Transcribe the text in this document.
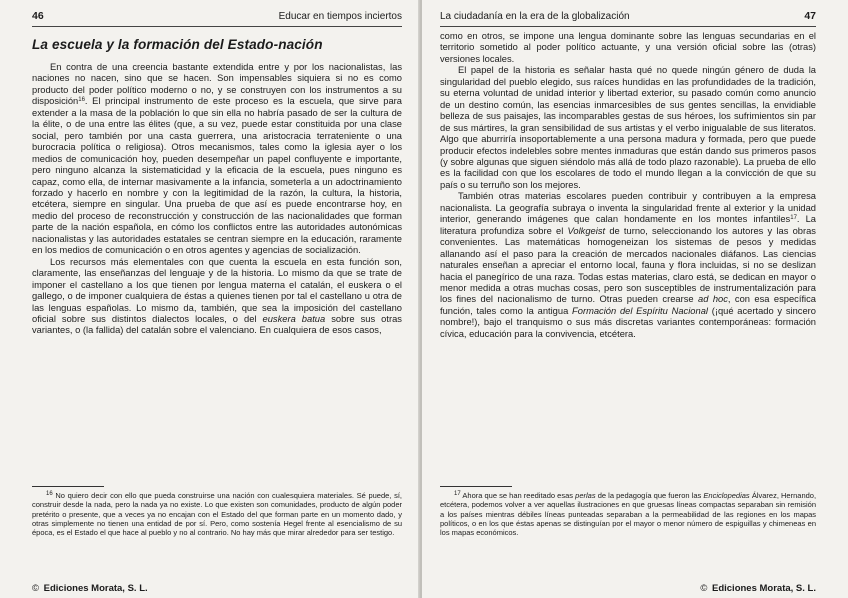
46	Educar en tiempos inciertos
La escuela y la formación del Estado-nación

En contra de una creencia bastante extendida entre y por los nacionalistas, las naciones no nacen, sino que se hacen. Son impensables siquiera si no es como producto del poder político moderno o no, y se construyen con los instrumentos a su disposición$^{16}$. El principal instrumento de este proceso es la escuela, que sirve para extender a la masa de la población lo que sin ella no habría pasado de ser la cultura de la élite, o de una entre las élites (que, a su vez, puede estar constituida por una clase social, pero también por una casta guerrera, una aristocracia terrateniente o una burocracia política o religiosa). Otros mecanismos, tales como la iglesia ayer o los medios de comunicación hoy, pueden desempeñar un papel confluyente e importante, pero ninguno alcanza la sistematicidad y la eficacia de la escuela, pues ninguno es capaz, como ella, de internar masivamente a la infancia, someterla a un adoctrinamiento forzado y hacerlo en nombre y con la legitimidad de la razón, la cultura, la historia, etcétera, siempre en singular. Una prueba de que así es puede encontrarse hoy, en medio del proceso de reconstrucción y construcción de las nacionalidades que forman parte de la nación española, en cómo los conflictos entre las autoridades autonómicas nacionalistas y las autoridades estatales se centran siempre en la educación, raramente en los medios de comunicación o en otros agentes y agencias de socialización.

Los recursos más elementales con que cuenta la escuela en esta función son, claramente, las enseñanzas del lenguaje y de la historia. Lo mismo da que se trate de imponer el castellano a los que tienen por lengua materna el catalán, el euskera o el gallego, o de imponer cualquiera de éstas a quienes tienen por tal el castellano u otra de las lenguas españolas. Lo mismo da, también, que sea la imposición del castellano oficial sobre sus distintos dialectos locales, o del euskera batua sobre sus otras variantes, o (la fallida) del catalán sobre el valenciano. En cualquiera de esos casos,

$^{16}$ No quiero decir con ello que pueda construirse una nación con cualesquiera materiales. Sé puede, sí, construir desde la nada, pero la nada ya no existe. Lo que existen son comunidades, producto de algún poder pretérito o presente, que a veces ya no encajan con el Estado del que forman parte en un momento dado, y otras simplemente no tienen una entidad de por sí. Pero, como sostenía Hegel frente al esencialismo de su época, es el Estado el que hace al pueblo y no al contrario. No hay más que mirar alrededor para ser testigo.

© Ediciones Morata, S. L.
La ciudadanía en la era de la globalización	47

como en otros, se impone una lengua dominante sobre las lenguas secundarias en el territorio sometido al poder político actuante, y una versión oficial sobre las (otras) versiones locales.

El papel de la historia es señalar hasta qué no quede ningún género de duda la singularidad del pueblo elegido, sus raíces hundidas en las profundidades de la tradición, su eterna voluntad de unidad interior y libertad exterior, su pasado común como anuncio de un destino común, las esencias inmarcesibles de sus gentes sencillas, la envidiable belleza de sus paisajes, las incomparables gestas de sus héroes, los sufrimientos sin par de sus mártires, la gran sensibilidad de sus artistas y el verbo inigualable de sus literatos. Algo que aburriría insoportablemente a una persona madura y formada, pero que puede producir efectos indelebles sobre mentes inmaduras que están dando sus primeros pasos (y sobre algunas que siguen siéndolo más allá de todo plazo razonable). La prueba de ello es la facilidad con que los escolares de todo el mundo llegan a la convicción de que su país o su terruño son los mejores.

También otras materias escolares pueden contribuir y contribuyen a la empresa nacionalista. La geografía subraya o inventa la singularidad frente al exterior y la unidad interior, generando imágenes que calan hondamente en los montes infantiles$^{17}$. La literatura profundiza sobre el Volkgeist de turno, seleccionando los autores y las obras convenientes. Las matemáticas homogeneizan los sistemas de pesos y medidas allanando así el paso para la creación de mercados nacionales diáfanos. Las ciencias naturales enseñan a apreciar el entorno local, fauna y flora incluidas, si no se deslizan hacia el panegírico de una raza. Todas estas materias, claro está, se dedican en mayor o menor medida a otras muchas cosas, pero son susceptibles de instrumentalización para los fines del nacionalismo de turno. Otras pueden crearse ad hoc, con esa específica función, tales como la antigua Formación del Espíritu Nacional (¡qué acertado y sincero nombre!), bajo el tranquismo o sus más discretas variantes contemporáneas: formación cívica, educación para la convivencia, etcétera.

$^{17}$ Ahora que se han reeditado esas perlas de la pedagogía que fueron las Enciclopedias Álvarez, Hernando, etcétera, podemos volver a ver aquellas ilustraciones en que gruesas líneas compactas separaban sin remisión a los países mientras débiles líneas punteadas separaban a la permeabilidad de las regiones en los mapas políticos, o en los que éstas apenas se distinguían por el mayor o menor número de espiguillas y chimeneas en los mapas económicos.

© Ediciones Morata, S. L.
